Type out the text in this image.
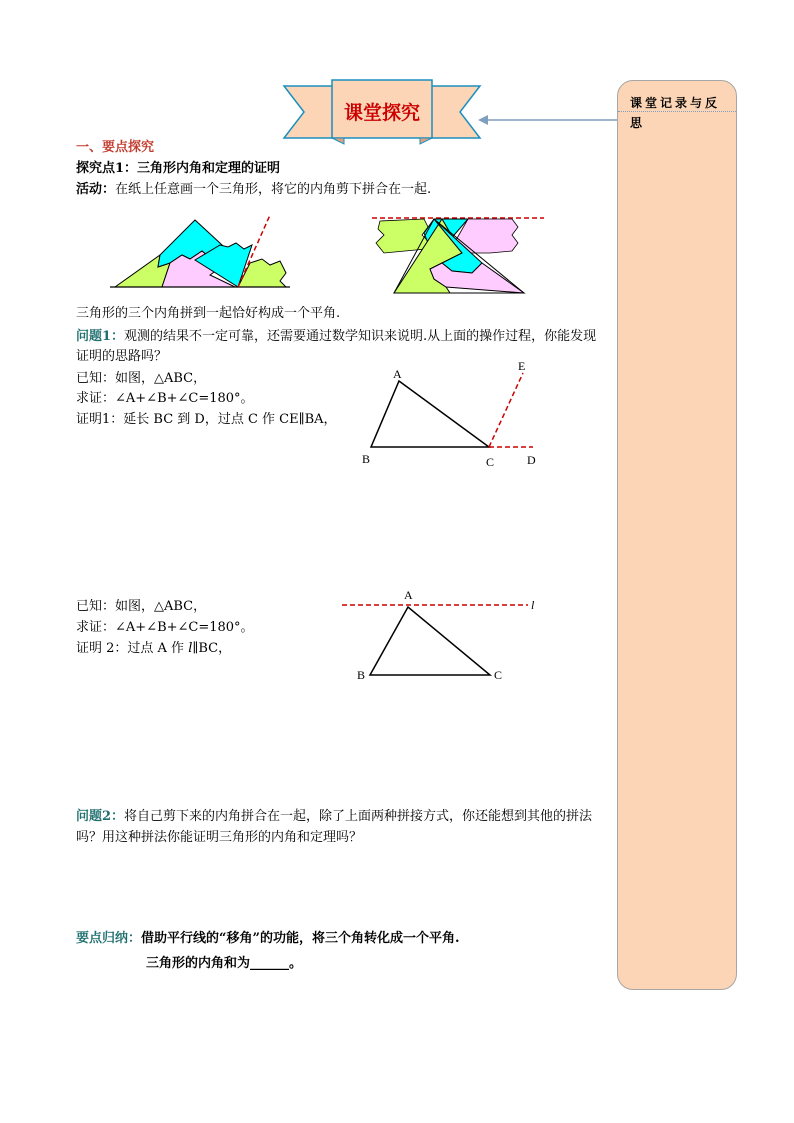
课堂探究	课堂记录与反思
一、要点探究
探究点1：三角形内角和定理的证明
活动：在纸上任意画一个三角形，将它的内角剪下拼合在一起.
三角形的三个内角拼到一起恰好构成一个平角.
问题1：观测的结果不一定可靠，还需要通过数学知识来说明.从上面的操作过程，你能发现证明的思路吗？
已知：如图，△ABC，
求证：∠A+∠B+∠C=180°。
证明1：延长 BC 到 D，过点 C 作 CE∥BA，
A
B	C	D
E
已知：如图，△ABC，
求证：∠A+∠B+∠C=180°。
证明 2：过点 A 作 l∥BC，
A
B	C
l
问题2：将自己剪下来的内角拼合在一起，除了上面两种拼接方式，你还能想到其他的拼法吗？用这种拼法你能证明三角形的内角和定理吗？
要点归纳：借助平行线的“移角”的功能，将三个角转化成一个平角.
三角形的内角和为______。
